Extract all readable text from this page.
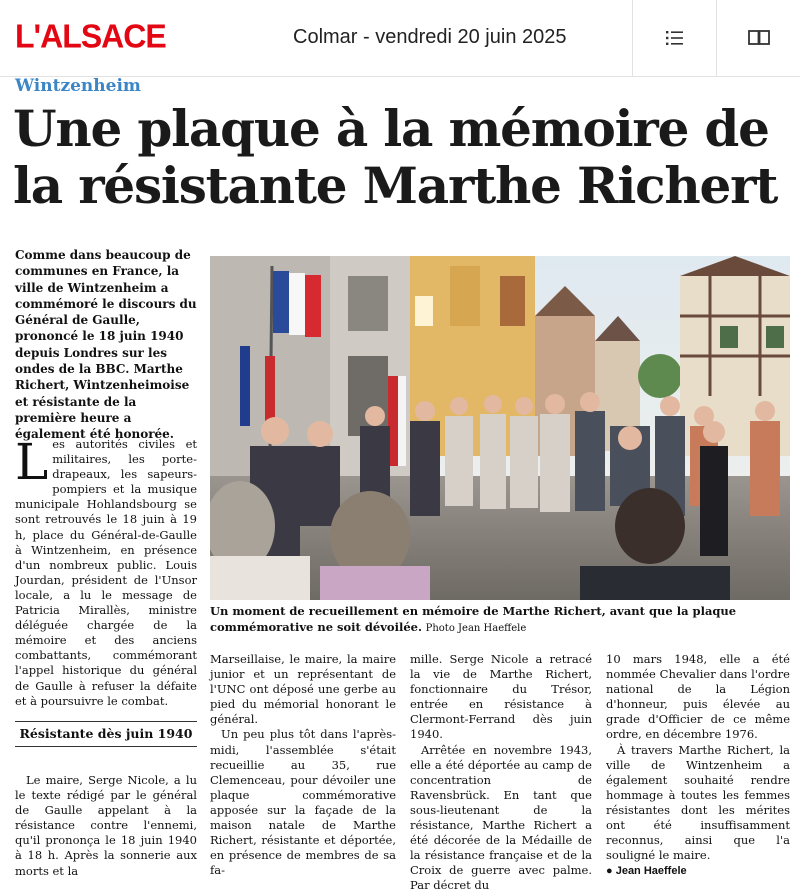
L'ALSACE	Colmar - vendredi 20 juin 2025
Wintzenheim
Une plaque à la mémoire de la résistante Marthe Richert

Comme dans beaucoup de communes en France, la ville de Wintzenheim a commémoré le discours du Général de Gaulle, prononcé le 18 juin 1940 depuis Londres sur les ondes de la BBC. Marthe Richert, Wintzenheimoise et résistante de la première heure a également été honorée.

L es autorités civiles et militaires, les porte-drapeaux, les sapeurs-pompiers et la musique municipale Hohlandsbourg se sont retrouvés le 18 juin à 19 h, place du Général-de-Gaulle à Wintzenheim, en présence d'un nombreux public. Louis Jourdan, président de l'Unsor locale, a lu le message de Patricia Mirallès, ministre déléguée chargée de la mémoire et des anciens combattants, commémorant l'appel historique du général de Gaulle à refuser la défaite et à poursuivre le combat.

Résistante dès juin 1940

Le maire, Serge Nicole, a lu le texte rédigé par le général de Gaulle appelant à la résistance contre l'ennemi, qu'il prononça le 18 juin 1940 à 18 h. Après la sonnerie aux morts et la

Un moment de recueillement en mémoire de Marthe Richert, avant que la plaque commémorative ne soit dévoilée. Photo Jean Haeffele

Marseillaise, le maire, la maire junior et un représentant de l'UNC ont déposé une gerbe au pied du mémorial honorant le général.

Un peu plus tôt dans l'après-midi, l'assemblée s'était recueillie au 35, rue Clemenceau, pour dévoiler une plaque commémorative apposée sur la façade de la maison natale de Marthe Richert, résistante et déportée, en présence de membres de sa fa-

mille. Serge Nicole a retracé la vie de Marthe Richert, fonctionnaire du Trésor, entrée en résistance à Clermont-Ferrand dès juin 1940.

Arrêtée en novembre 1943, elle a été déportée au camp de concentration de Ravensbrück. En tant que sous-lieutenant de la résistance, Marthe Richert a été décorée de la Médaille de la résistance française et de la Croix de guerre avec palme. Par décret du

10 mars 1948, elle a été nommée Chevalier dans l'ordre national de la Légion d'honneur, puis élevée au grade d'Officier de ce même ordre, en décembre 1976.

À travers Marthe Richert, la ville de Wintzenheim a également souhaité rendre hommage à toutes les femmes résistantes dont les mérites ont été insuffisamment reconnus, ainsi que l'a souligné le maire.

● Jean Haeffele
